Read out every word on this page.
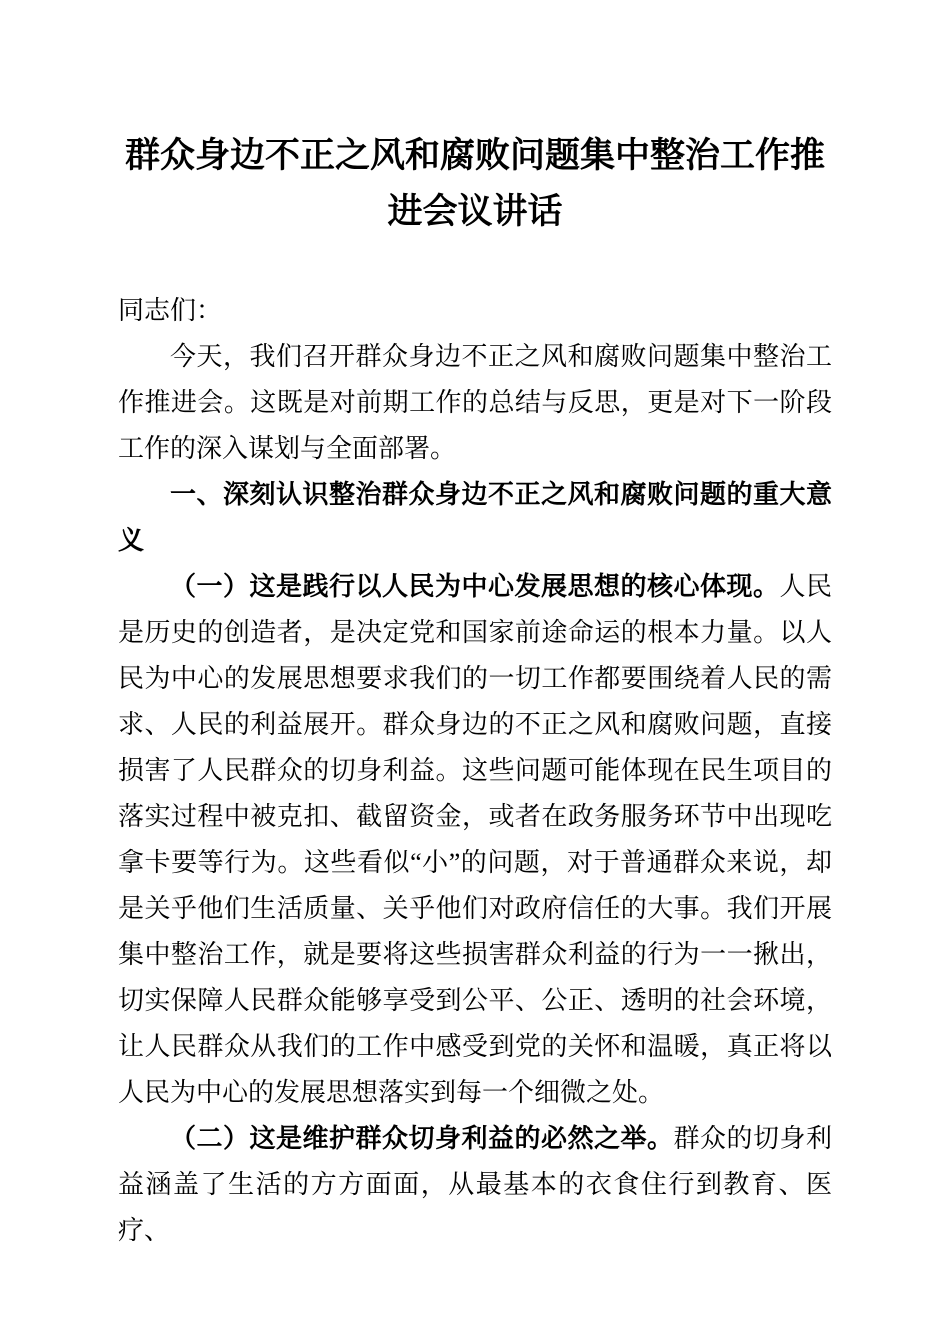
群众身边不正之风和腐败问题集中整治工作推进会议讲话

同志们：

今天，我们召开群众身边不正之风和腐败问题集中整治工作推进会。这既是对前期工作的总结与反思，更是对下一阶段工作的深入谋划与全面部署。

一、深刻认识整治群众身边不正之风和腐败问题的重大意义

（一）这是践行以人民为中心发展思想的核心体现。人民是历史的创造者，是决定党和国家前途命运的根本力量。以人民为中心的发展思想要求我们的一切工作都要围绕着人民的需求、人民的利益展开。群众身边的不正之风和腐败问题，直接损害了人民群众的切身利益。这些问题可能体现在民生项目的落实过程中被克扣、截留资金，或者在政务服务环节中出现吃拿卡要等行为。这些看似“小”的问题，对于普通群众来说，却是关乎他们生活质量、关乎他们对政府信任的大事。我们开展集中整治工作，就是要将这些损害群众利益的行为一一揪出，切实保障人民群众能够享受到公平、公正、透明的社会环境，让人民群众从我们的工作中感受到党的关怀和温暖，真正将以人民为中心的发展思想落实到每一个细微之处。

（二）这是维护群众切身利益的必然之举。群众的切身利益涵盖了生活的方方面面，从最基本的衣食住行到教育、医疗、
